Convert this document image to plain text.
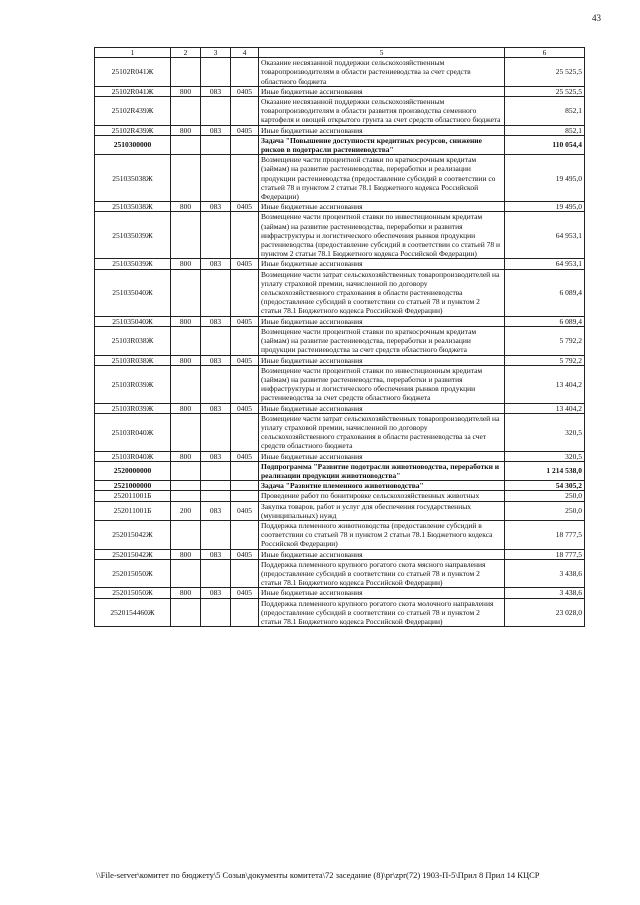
43
1	2	3	4	5	6
25102R041Ж				Оказание несвязанной поддержки сельскохозяйственным товаропроизводителям в области растениеводства за счет средств областного бюджета	25 525,5
25102R041Ж	800	083	0405	Иные бюджетные ассигнования	25 525,5
25102R439Ж				Оказание несвязанной поддержки сельскохозяйственным товаропроизводителям в области развития производства семенного картофеля и овощей открытого грунта за счет средств областного бюджета	852,1
25102R439Ж	800	083	0405	Иные бюджетные ассигнования	852,1
2510300000				Задача "Повышение доступности кредитных ресурсов, снижение рисков в подотрасли растениеводства"	110 054,4
251035038Ж				Возмещение части процентной ставки по краткосрочным кредитам (займам) на развитие растениеводства, переработки и реализации продукции растениеводства (предоставление субсидий в соответствии со статьей 78 и пунктом 2 статьи 78.1 Бюджетного кодекса Российской Федерации)	19 495,0
251035038Ж	800	083	0405	Иные бюджетные ассигнования	19 495,0
251035039Ж				Возмещение части процентной ставки по инвестиционным кредитам (займам) на развитие растениеводства, переработки и развития инфраструктуры и логистического обеспечения рынков продукции растениеводства (предоставление субсидий в соответствии со статьей 78 и пунктом 2 статьи 78.1 Бюджетного кодекса Российской Федерации)	64 953,1
251035039Ж	800	083	0405	Иные бюджетные ассигнования	64 953,1
251035040Ж				Возмещение части затрат сельскохозяйственных товаропроизводителей на уплату страховой премии, начисленной по договору сельскохозяйственного страхования в области растениеводства (предоставление субсидий в соответствии со статьей 78 и пунктом 2 статьи 78.1 Бюджетного кодекса Российской Федерации)	6 089,4
251035040Ж	800	083	0405	Иные бюджетные ассигнования	6 089,4
25103R038Ж				Возмещение части процентной ставки по краткосрочным кредитам (займам) на развитие растениеводства, переработки и реализации продукции растениеводства за счет средств областного бюджета	5 792,2
25103R038Ж	800	083	0405	Иные бюджетные ассигнования	5 792,2
25103R039Ж				Возмещение части процентной ставки по инвестиционным кредитам (займам) на развитие растениеводства, переработки и развития инфраструктуры и логистического обеспечения рынков продукции растениеводства за счет средств областного бюджета	13 404,2
25103R039Ж	800	083	0405	Иные бюджетные ассигнования	13 404,2
25103R040Ж				Возмещение части затрат сельскохозяйственных товаропроизводителей на уплату страховой премии, начисленной по договору сельскохозяйственного страхования в области растениеводства за счет средств областного бюджета	320,5
25103R040Ж	800	083	0405	Иные бюджетные ассигнования	320,5
2520000000				Подпрограмма "Развитие подотрасли животноводства, переработки и реализации продукции животноводства"	1 214 538,0
2521000000				Задача "Развитие племенного животноводства"	54 305,2
252011001Б				Проведение работ по бонитировке сельскохозяйственных животных	250,0
252011001Б	200	083	0405	Закупка товаров, работ и услуг для обеспечения государственных (муниципальных) нужд	250,0
252015042Ж				Поддержка племенного животноводства (предоставление субсидий в соответствии со статьей 78 и пунктом 2 статьи 78.1 Бюджетного кодекса Российской Федерации)	18 777,5
252015042Ж	800	083	0405	Иные бюджетные ассигнования	18 777,5
252015050Ж				Поддержка племенного крупного рогатого скота мясного направления (предоставление субсидий в соответствии со статьей 78 и пунктом 2 статьи 78.1 Бюджетного кодекса Российской Федерации)	3 438,6
252015050Ж	800	083	0405	Иные бюджетные ассигнования	3 438,6
2520154460Ж				Поддержка племенного крупного рогатого скота молочного направления (предоставление субсидий в соответствии со статьей 78 и пунктом 2 статьи 78.1 Бюджетного кодекса Российской Федерации)	23 028,0
\\File-server\комитет по бюджету\5 Созыв\документы комитета\72 заседание (8)\pr\zpr(72) 1903-П-5\Прил 8 Прил 14 КЦСР
